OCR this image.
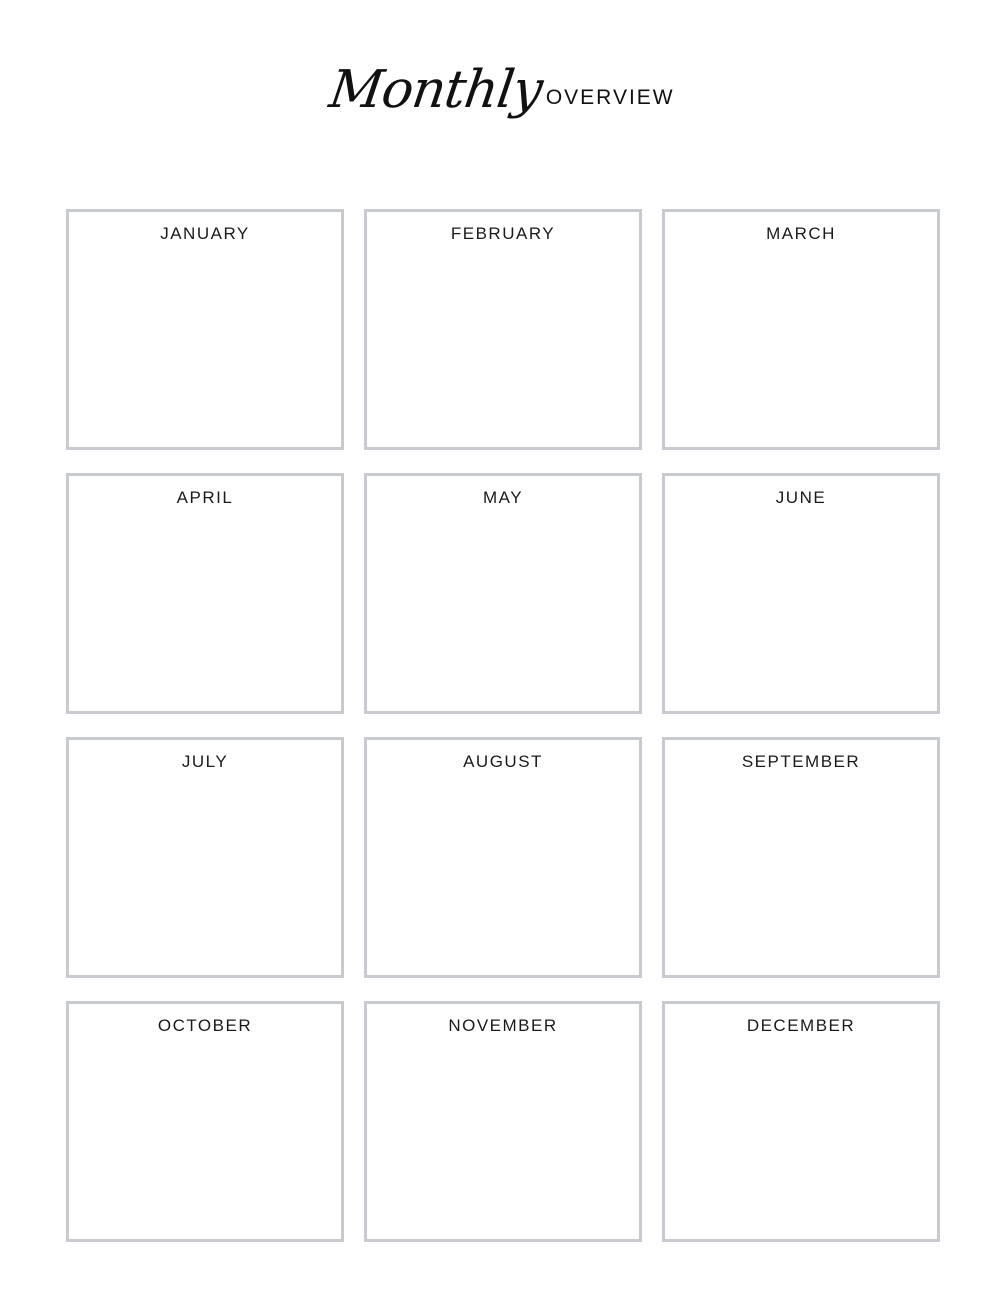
Monthly OVERVIEW
JANUARY	FEBRUARY	MARCH
APRIL	MAY	JUNE
JULY	AUGUST	SEPTEMBER
OCTOBER	NOVEMBER	DECEMBER
